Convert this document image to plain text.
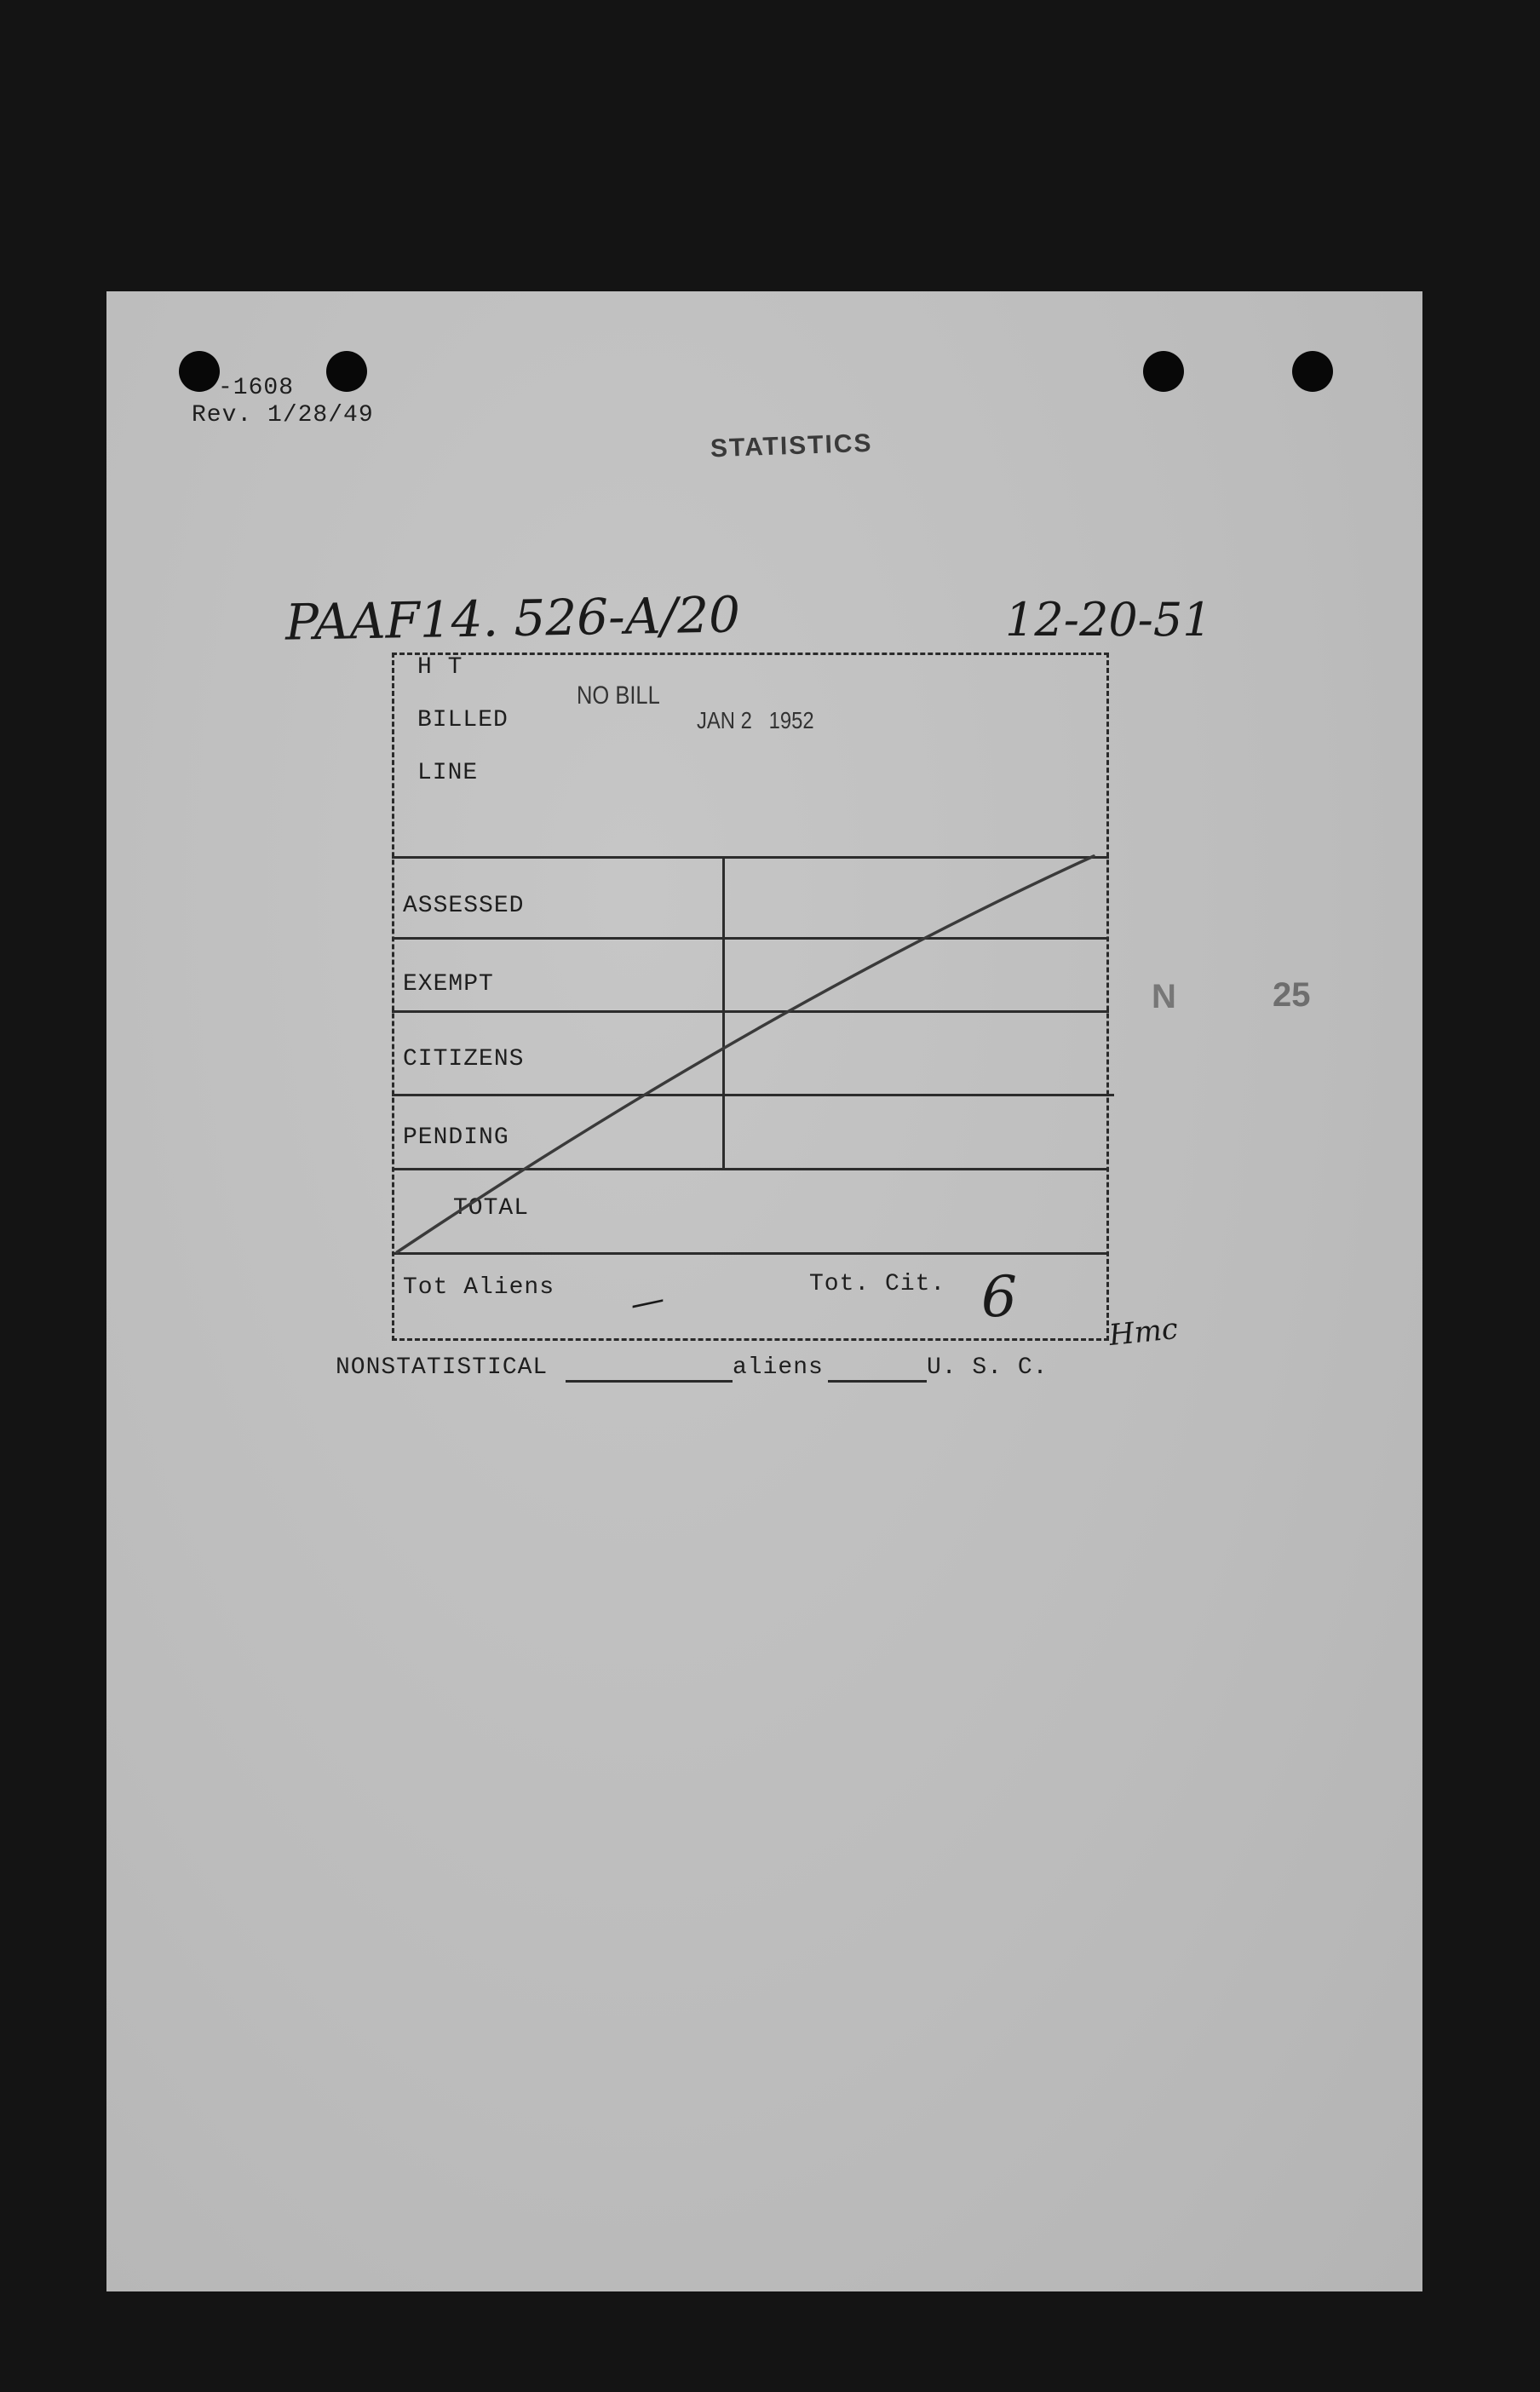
-1608
Rev. 1/28/49
STATISTICS
PAAF14. 526-A/20	12-20-51
H T
BILLED
LINE
NO BILL
JAN 2   1952
ASSESSED
EXEMPT
CITIZENS
PENDING
TOTAL
Tot Aliens	Tot. Cit.
—	6
Hmc
N	25
NONSTATISTICAL	aliens	U. S. C.
